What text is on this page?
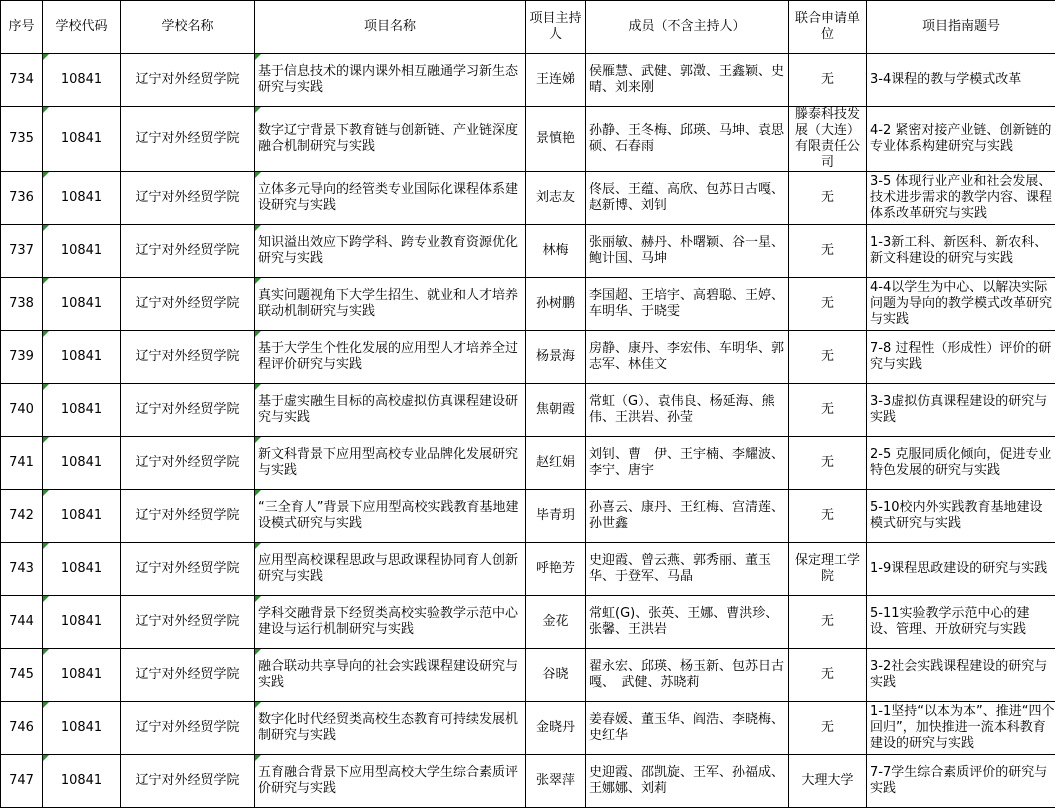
序号	学校代码	学校名称	项目名称	项目主持人	成员（不含主持人）	联合申请单位	项目指南题号
734	10841	辽宁对外经贸学院	基于信息技术的课内课外相互融通学习新生态研究与实践	王连娣	侯雁慧、武健、郭澂、王鑫颖、史晴、刘来刚	无	3-4课程的教与学模式改革
735	10841	辽宁对外经贸学院	数字辽宁背景下教育链与创新链、产业链深度融合机制研究与实践	景慎艳	孙静、王冬梅、邱瑛、马坤、袁思硕、石春雨	滕泰科技发展（大连）有限责任公司	4-2 紧密对接产业链、创新链的专业体系构建研究与实践
736	10841	辽宁对外经贸学院	立体多元导向的经管类专业国际化课程体系建设研究与实践	刘志友	佟辰、王蕴、高欣、包苏日古嘎、赵新博、刘钊	无	3-5 体现行业产业和社会发展、技术进步需求的教学内容、课程体系改革研究与实践
737	10841	辽宁对外经贸学院	知识溢出效应下跨学科、跨专业教育资源优化研究与实践	林梅	张丽敏、赫丹、朴曙颖、谷一星、鲍计国、马坤	无	1-3新工科、新医科、新农科、新文科建设的研究与实践
738	10841	辽宁对外经贸学院	真实问题视角下大学生招生、就业和人才培养联动机制研究与实践	孙树鹏	李国超、王培宇、高碧聪、王婷、车明华、于晓雯	无	4-4以学生为中心、以解决实际问题为导向的教学模式改革研究与实践
739	10841	辽宁对外经贸学院	基于大学生个性化发展的应用型人才培养全过程评价研究与实践	杨景海	房静、康丹、李宏伟、车明华、郭志军、林佳文	无	7-8 过程性（形成性）评价的研究与实践
740	10841	辽宁对外经贸学院	基于虚实融生目标的高校虚拟仿真课程建设研究与实践	焦朝霞	常虹（G）、袁伟良、杨延海、熊伟、王洪岩、孙莹	无	3-3虚拟仿真课程建设的研究与实践
741	10841	辽宁对外经贸学院	新文科背景下应用型高校专业品牌化发展研究与实践	赵红娟	刘钊、曹　伊、王宇楠、李耀波、李宁、唐宇	无	2-5 克服同质化倾向，促进专业特色发展的研究与实践
742	10841	辽宁对外经贸学院	“三全育人”背景下应用型高校实践教育基地建设模式研究与实践	毕青玥	孙喜云、康丹、王红梅、宫清莲、孙世鑫	无	5-10校内外实践教育基地建设模式研究与实践
743	10841	辽宁对外经贸学院	应用型高校课程思政与思政课程协同育人创新研究与实践	呼艳芳	史迎霞、曾云燕、郭秀丽、董玉华、于登军、马晶	保定理工学院	1-9课程思政建设的研究与实践
744	10841	辽宁对外经贸学院	学科交融背景下经贸类高校实验教学示范中心建设与运行机制研究与实践	金花	常虹(G)、张英、王娜、曹洪珍、张馨、王洪岩	无	5-11实验教学示范中心的建设、管理、开放研究与实践
745	10841	辽宁对外经贸学院	融合联动共享导向的社会实践课程建设研究与实践	谷晓	翟永宏、邱瑛、杨玉新、包苏日古嘎、　武健、苏晓莉	无	3-2社会实践课程建设的研究与实践
746	10841	辽宁对外经贸学院	数字化时代经贸类高校生态教育可持续发展机制研究与实践	金晓丹	姜春媛、董玉华、阎浩、李晓梅、史红华	无	1-1坚持“以本为本”、推进“四个回归”，加快推进一流本科教育建设的研究与实践
747	10841	辽宁对外经贸学院	五育融合背景下应用型高校大学生综合素质评价研究与实践	张翠萍	史迎霞、邵凯旋、王军、孙福成、王娜娜、刘莉	大理大学	7-7学生综合素质评价的研究与实践
